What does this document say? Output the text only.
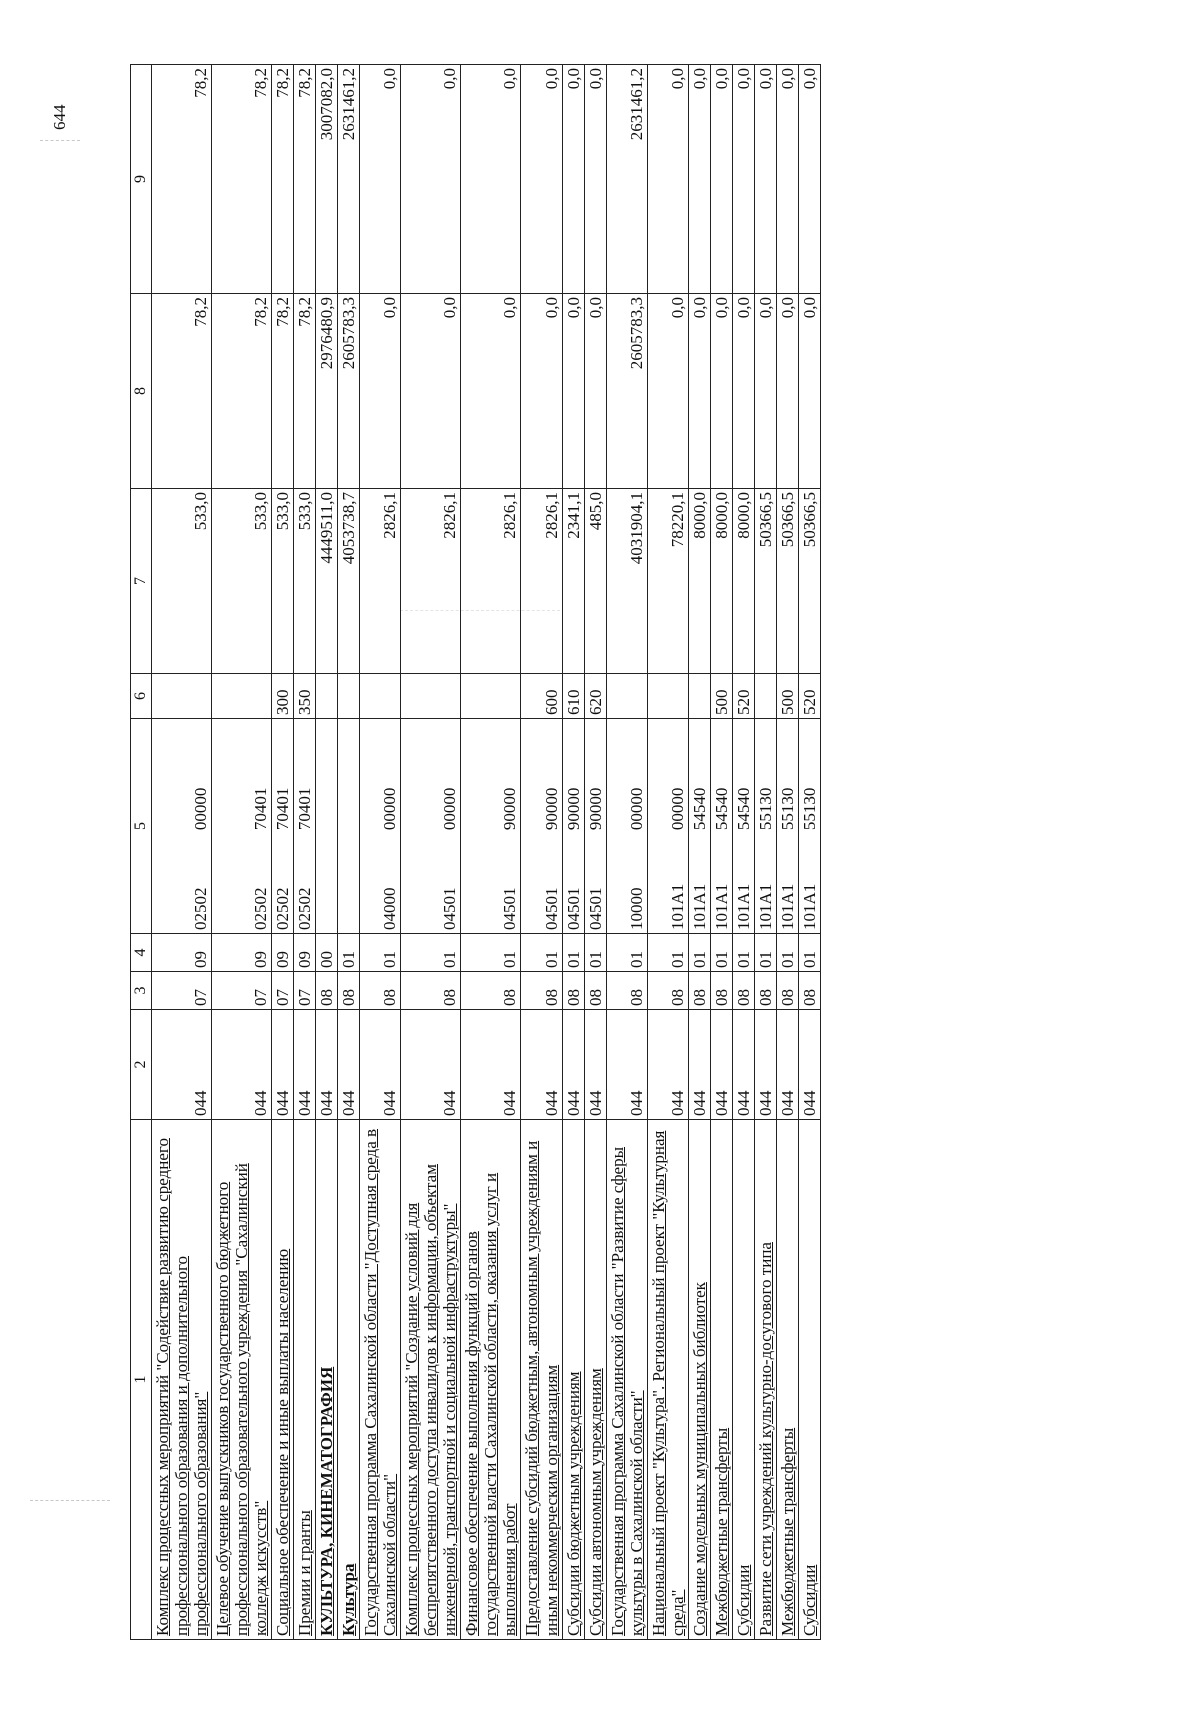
1	2	3	4	5	6	7	8	9
Комплекс процессных мероприятий "Содействие развитию среднего профессионального образования и дополнительного профессионального образования"	044	07	09	0250200000		533,0	78,2	78,2
Целевое обучение выпускников государственного бюджетного профессионального образовательного учреждения "Сахалинский колледж искусств"	044	07	09	0250270401		533,0	78,2	78,2
Социальное обеспечение и иные выплаты населению	044	07	09	0250270401	300	533,0	78,2	78,2
Премии и гранты	044	07	09	0250270401	350	533,0	78,2	78,2
КУЛЬТУРА, КИНЕМАТОГРАФИЯ	044	08	00			4449511,0	2976480,9	3007082,0
Культура	044	08	01			4053738,7	2605783,3	2631461,2
Государственная программа Сахалинской области "Доступная среда в Сахалинской области"	044	08	01	0400000000		2826,1	0,0	0,0
Комплекс процессных мероприятий "Создание условий для беспрепятственного доступа инвалидов к информации, объектам инженерной, транспортной и социальной инфраструктуры"	044	08	01	0450100000		2826,1	0,0	0,0
Финансовое обеспечение выполнения функций органов государственной власти Сахалинской области, оказания услуг и выполнения работ	044	08	01	0450190000		2826,1	0,0	0,0
Предоставление субсидий бюджетным, автономным учреждениям и иным некоммерческим организациям	044	08	01	0450190000	600	2826,1	0,0	0,0
Субсидии бюджетным учреждениям	044	08	01	0450190000	610	2341,1	0,0	0,0
Субсидии автономным учреждениям	044	08	01	0450190000	620	485,0	0,0	0,0
Государственная программа Сахалинской области "Развитие сферы культуры в Сахалинской области"	044	08	01	1000000000		4031904,1	2605783,3	2631461,2
Национальный проект "Культура". Региональный проект "Культурная среда"	044	08	01	101А100000		78220,1	0,0	0,0
Создание модельных муниципальных библиотек	044	08	01	101А154540		8000,0	0,0	0,0
Межбюджетные трансферты	044	08	01	101А154540	500	8000,0	0,0	0,0
Субсидии	044	08	01	101А154540	520	8000,0	0,0	0,0
Развитие сети учреждений культурно-досугового типа	044	08	01	101А155130		50366,5	0,0	0,0
Межбюджетные трансферты	044	08	01	101А155130	500	50366,5	0,0	0,0
Субсидии	044	08	01	101А155130	520	50366,5	0,0	0,0
644
